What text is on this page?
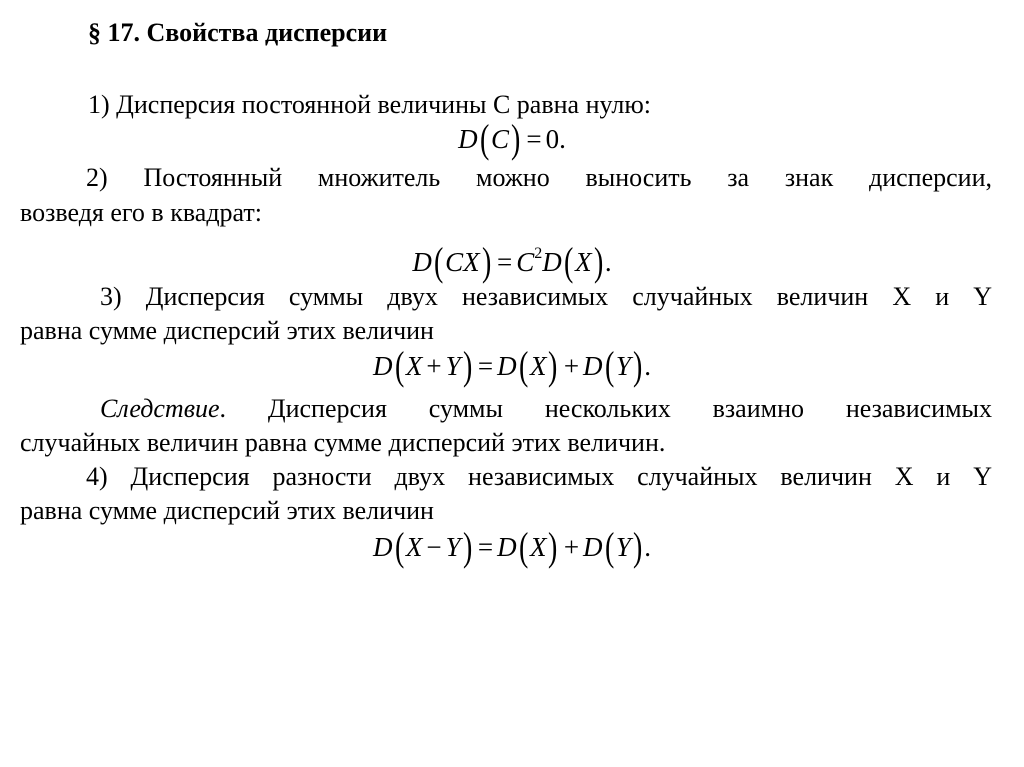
§ 17. Свойства дисперсии
1) Дисперсия постоянной величины C равна нулю:
D(C) = 0.
2) Постоянный множитель можно выносить за знак дисперсии,
возведя его в квадрат:
$D(CX) = C^2D(X)$.
3) Дисперсия суммы двух независимых случайных величин X и Y
равна сумме дисперсий этих величин
D(X + Y) = D(X) + D(Y).
Следствие. Дисперсия суммы нескольких взаимно независимых
случайных величин равна сумме дисперсий этих величин.
4) Дисперсия разности двух независимых случайных величин X и Y
равна сумме дисперсий этих величин
D(X − Y) = D(X) + D(Y).
